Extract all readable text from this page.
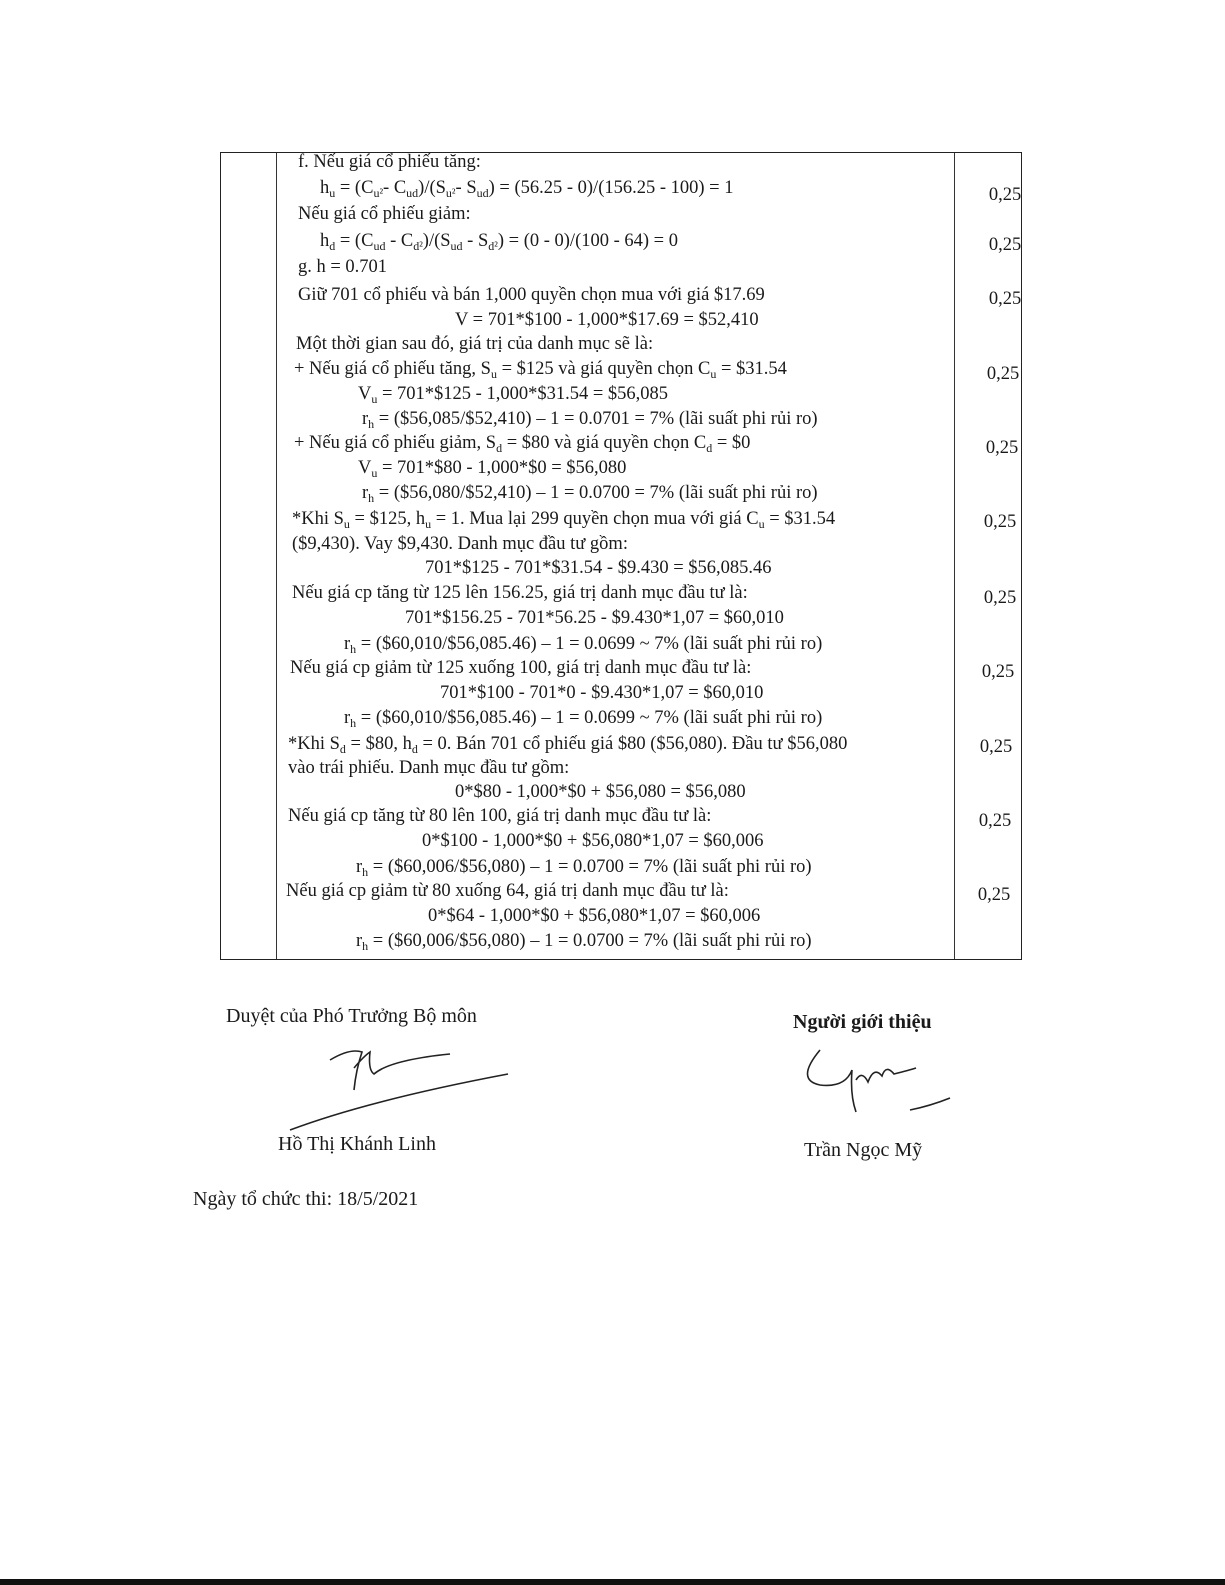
f. Nếu giá cổ phiếu tăng:
$h_u = (C_{u^2}-$ $C_{ud})/(S_{u^2}-$ $S_{ud}) = (56.25 - 0)/(156.25 - 100) = 1$
Nếu giá cổ phiếu giảm:
$h_d = (C_{ud} - C_{d^2})/(S_{ud} - S_{d^2}) = (0 - 0)/(100 - 64) = 0$
g. h = 0.701
Giữ 701 cổ phiếu và bán 1,000 quyền chọn mua với giá $17.69
V = 701*$100 - 1,000*$17.69 = $52,410
Một thời gian sau đó, giá trị của danh mục sẽ là:
+ Nếu giá cổ phiếu tăng, $S_u$ = $125 và giá quyền chọn $C_u$ = $31.54
$V_u$ = 701*$125 - 1,000*$31.54 = $56,085
$r_h$ = ($56,085/$52,410) – 1 = 0.0701 = 7% (lãi suất phi rủi ro)
+ Nếu giá cổ phiếu giảm, $S_d$ = $80 và giá quyền chọn $C_d$ = $0
$V_u$ = 701*$80 - 1,000*$0 = $56,080
$r_h$ = ($56,080/$52,410) – 1 = 0.0700 = 7% (lãi suất phi rủi ro)
*Khi $S_u$ = $125, $h_u = 1$. Mua lại 299 quyền chọn mua với giá $C_u$ = $31.54
($9,430). Vay $9,430. Danh mục đầu tư gồm:
701*$125 - 701*$31.54 - $9.430 = $56,085.46
Nếu giá cp tăng từ 125 lên 156.25, giá trị danh mục đầu tư là:
701*$156.25 - 701*56.25 - $9.430*1,07 = $60,010
$r_h$ = ($60,010/$56,085.46) – 1 = 0.0699 ~ 7% (lãi suất phi rủi ro)
Nếu giá cp giảm từ 125 xuống 100, giá trị danh mục đầu tư là:
701*$100 - 701*0 - $9.430*1,07 = $60,010
$r_h$ = ($60,010/$56,085.46) – 1 = 0.0699 ~ 7% (lãi suất phi rủi ro)
*Khi $S_d$ = $80, $h_d = 0$. Bán 701 cổ phiếu giá $80 ($56,080). Đầu tư $56,080
vào trái phiếu. Danh mục đầu tư gồm:
0*$80 - 1,000*$0 + $56,080 = $56,080
Nếu giá cp tăng từ 80 lên 100, giá trị danh mục đầu tư là:
0*$100 - 1,000*$0 + $56,080*1,07 = $60,006
$r_h$ = ($60,006/$56,080) – 1 = 0.0700 = 7% (lãi suất phi rủi ro)
Nếu giá cp giảm từ 80 xuống 64, giá trị danh mục đầu tư là:
0*$64 - 1,000*$0 + $56,080*1,07 = $60,006
$r_h$ = ($60,006/$56,080) – 1 = 0.0700 = 7% (lãi suất phi rủi ro)
0,25
0,25
0,25
0,25
0,25
0,25
0,25
0,25
0,25
0,25
0,25
Duyệt của Phó Trưởng Bộ môn
Hồ Thị Khánh Linh
Người giới thiệu
Trần Ngọc Mỹ
Ngày tổ chức thi: 18/5/2021
